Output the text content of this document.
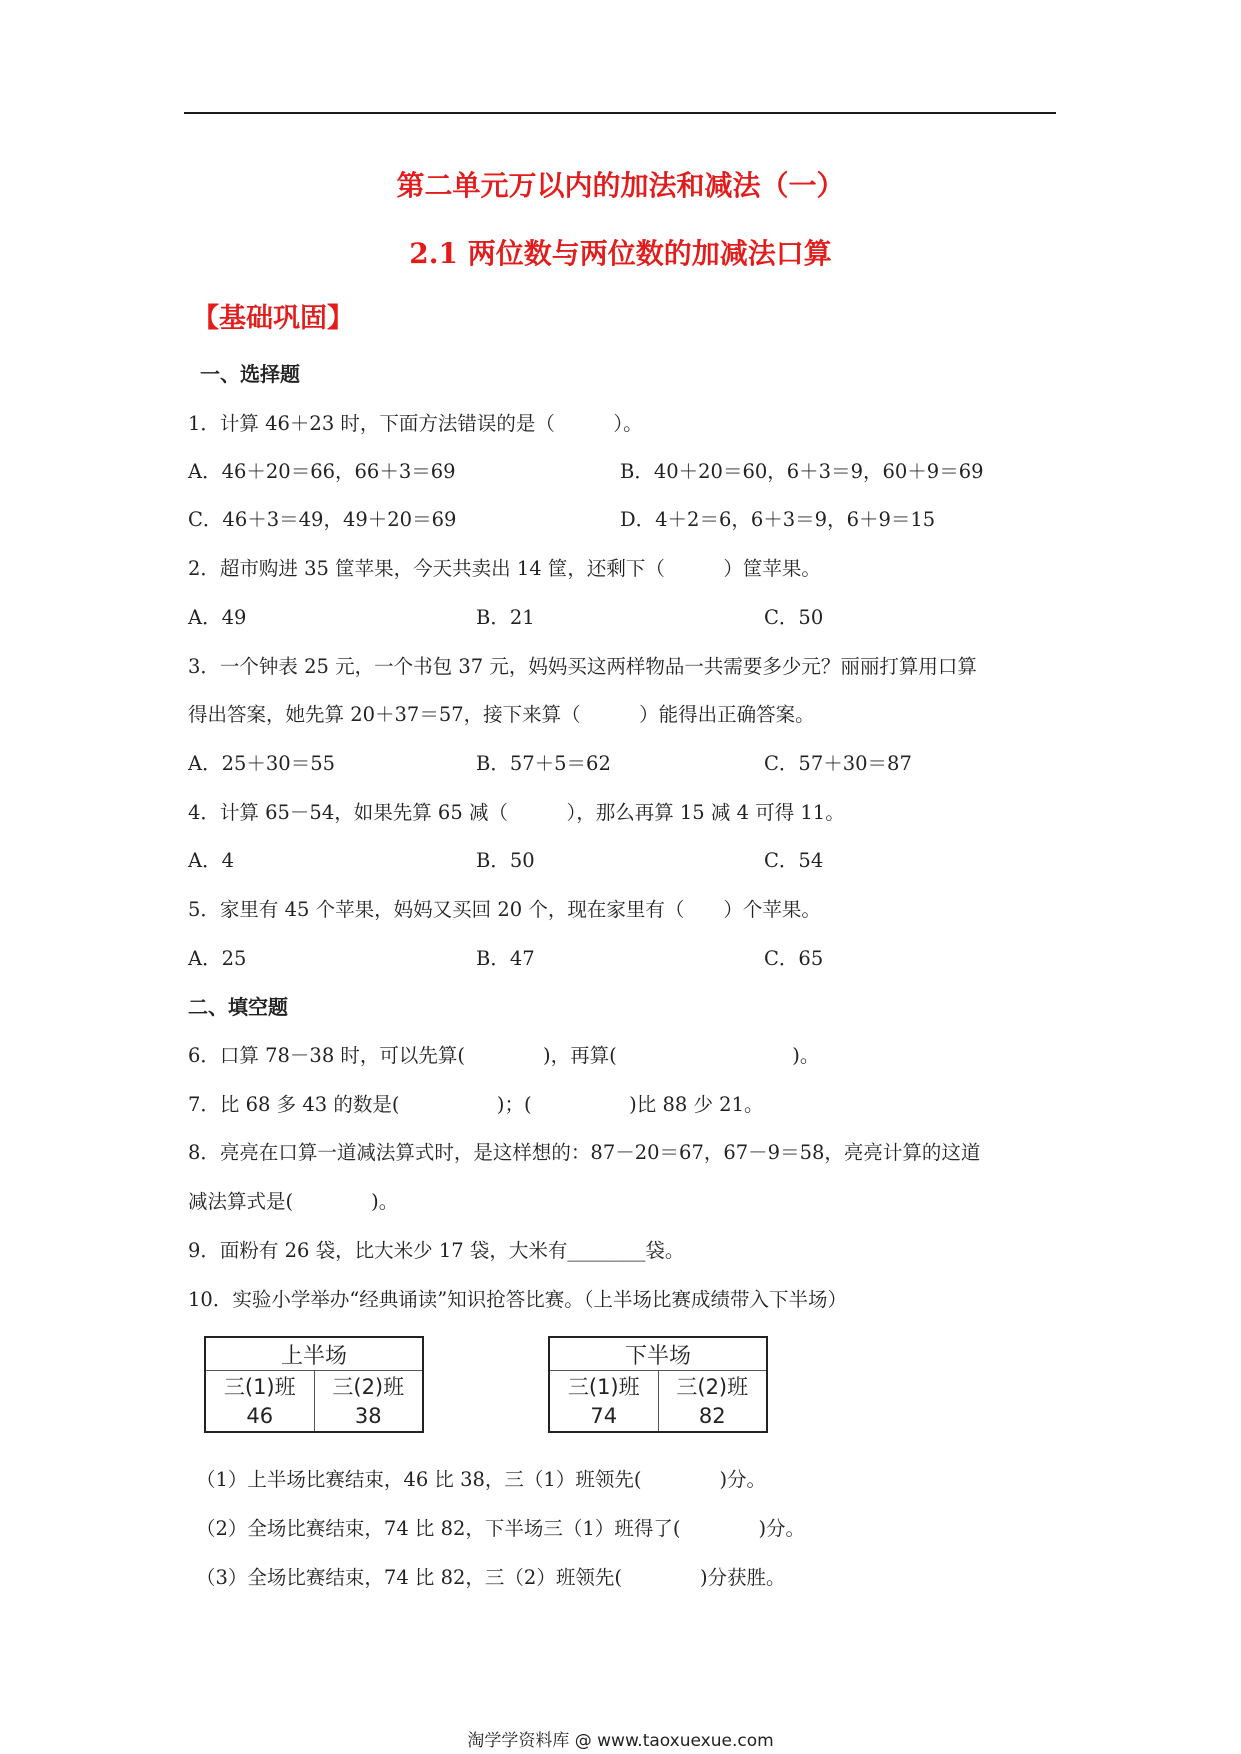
第二单元万以内的加法和减法（一）
2.1 两位数与两位数的加减法口算
【基础巩固】
一、选择题
1．计算 46＋23 时，下面方法错误的是（　　　）。
A．46＋20＝66，66＋3＝69	B．40＋20＝60，6＋3＝9，60＋9＝69
C．46＋3＝49，49＋20＝69	D．4＋2＝6，6＋3＝9，6＋9＝15
2．超市购进 35 筐苹果，今天共卖出 14 筐，还剩下（　　　）筐苹果。
A．49	B．21	C．50
3．一个钟表 25 元，一个书包 37 元，妈妈买这两样物品一共需要多少元？丽丽打算用口算
得出答案，她先算 20＋37＝57，接下来算（　　　）能得出正确答案。
A．25＋30＝55	B．57＋5＝62	C．57＋30＝87
4．计算 65－54，如果先算 65 减（　　　），那么再算 15 减 4 可得 11。
A．4	B．50	C．54
5．家里有 45 个苹果，妈妈又买回 20 个，现在家里有（　　）个苹果。
A．25	B．47	C．65
二、填空题
6．口算 78－38 时，可以先算(　　　　)，再算(　　　　　　　　　)。
7．比 68 多 43 的数是(　　　　　)；(　　　　　)比 88 少 21。
8．亮亮在口算一道减法算式时，是这样想的：87－20＝67，67－9＝58，亮亮计算的这道
减法算式是(　　　　)。
9．面粉有 26 袋，比大米少 17 袋，大米有________袋。
10．实验小学举办“经典诵读”知识抢答比赛。（上半场比赛成绩带入下半场）
上半场	
三(1)班	三(2)班
46	38
下半场	
三(1)班	三(2)班
74	82
（1）上半场比赛结束，46 比 38，三（1）班领先(　　　　)分。
（2）全场比赛结束，74 比 82，下半场三（1）班得了(　　　　)分。
（3）全场比赛结束，74 比 82，三（2）班领先(　　　　)分获胜。
淘学学资料库 @ www.taoxuexue.com
